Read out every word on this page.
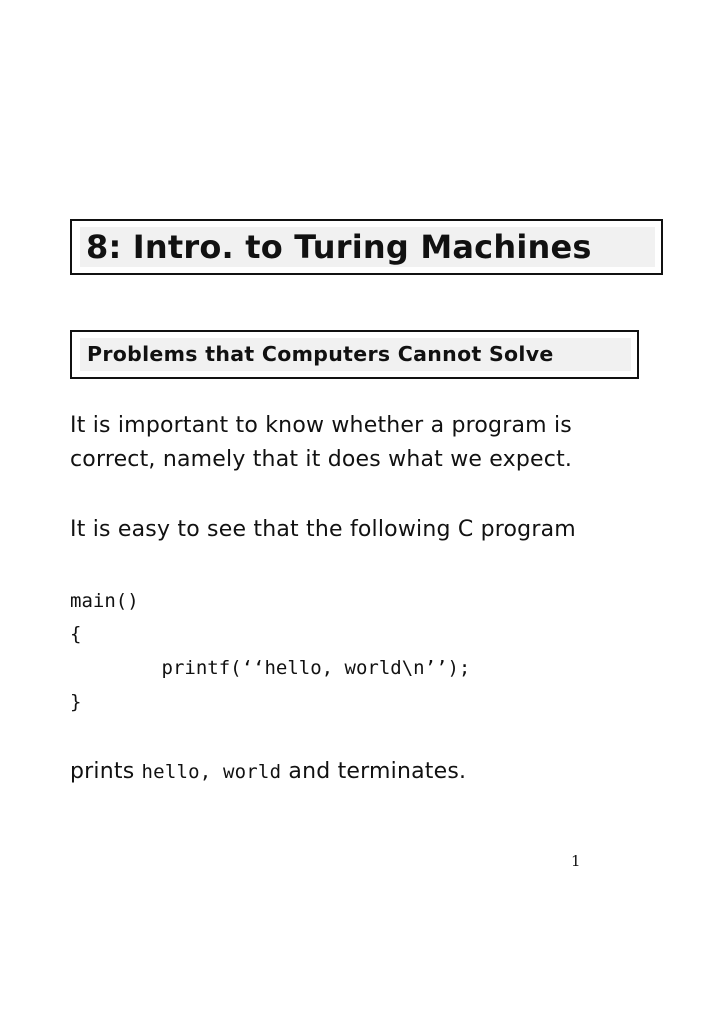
8: Intro. to Turing Machines
Problems that Computers Cannot Solve
It is important to know whether a program is
correct, namely that it does what we expect.
It is easy to see that the following C program
main()
{
printf(‘‘hello, world\n’’);
}
prints hello, world and terminates.
1
